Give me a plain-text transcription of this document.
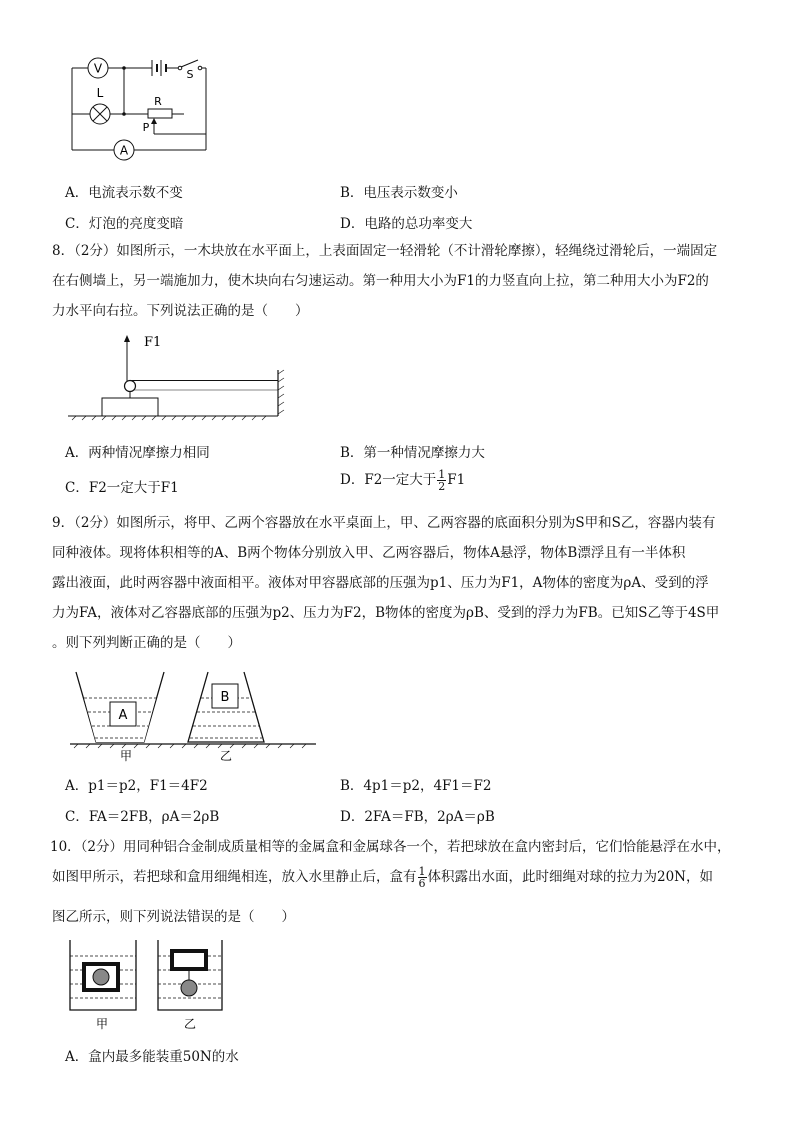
V
L
R
P
A
S
A．电流表示数不变	B．电压表示数变小
C．灯泡的亮度变暗	D．电路的总功率变大
8．（2分）如图所示，一木块放在水平面上，上表面固定一轻滑轮（不计滑轮摩擦），轻绳绕过滑轮后，一端固定
在右侧墙上，另一端施加力，使木块向右匀速运动。第一种用大小为F1的力竖直向上拉，第二种用大小为F2的
力水平向右拉。下列说法正确的是（　　）
F1
A．两种情况摩擦力相同	B．第一种情况摩擦力大
C．F2一定大于F1	D．F2一定大于 $\frac{1}{2} F1$
9．（2分）如图所示，将甲、乙两个容器放在水平桌面上，甲、乙两容器的底面积分别为S甲和S乙，容器内装有
同种液体。现将体积相等的A、B两个物体分别放入甲、乙两容器后，物体A悬浮，物体B漂浮且有一半体积
露出液面，此时两容器中液面相平。液体对甲容器底部的压强为p1、压力为F1，A物体的密度为ρA、受到的浮
力为FA，液体对乙容器底部的压强为p2、压力为F2，B物体的密度为ρB、受到的浮力为FB。已知S乙等于4S甲
。则下列判断正确的是（　　）
A
B
甲	乙
A．p1＝p2，F1＝4F2	B．4p1＝p2，4F1＝F2
C．FA＝2FB，ρA＝2ρB	D．2FA＝FB，2ρA＝ρB
10．（2分）用同种铝合金制成质量相等的金属盒和金属球各一个，若把球放在盒内密封后，它们恰能悬浮在水中，
如图甲所示，若把球和盒用细绳相连，放入水里静止后，盒有 $\frac{1}{6}$ 体积露出水面，此时细绳对球的拉力为20N，如
图乙所示，则下列说法错误的是（　　）
甲	乙
A．盒内最多能装重50N的水
